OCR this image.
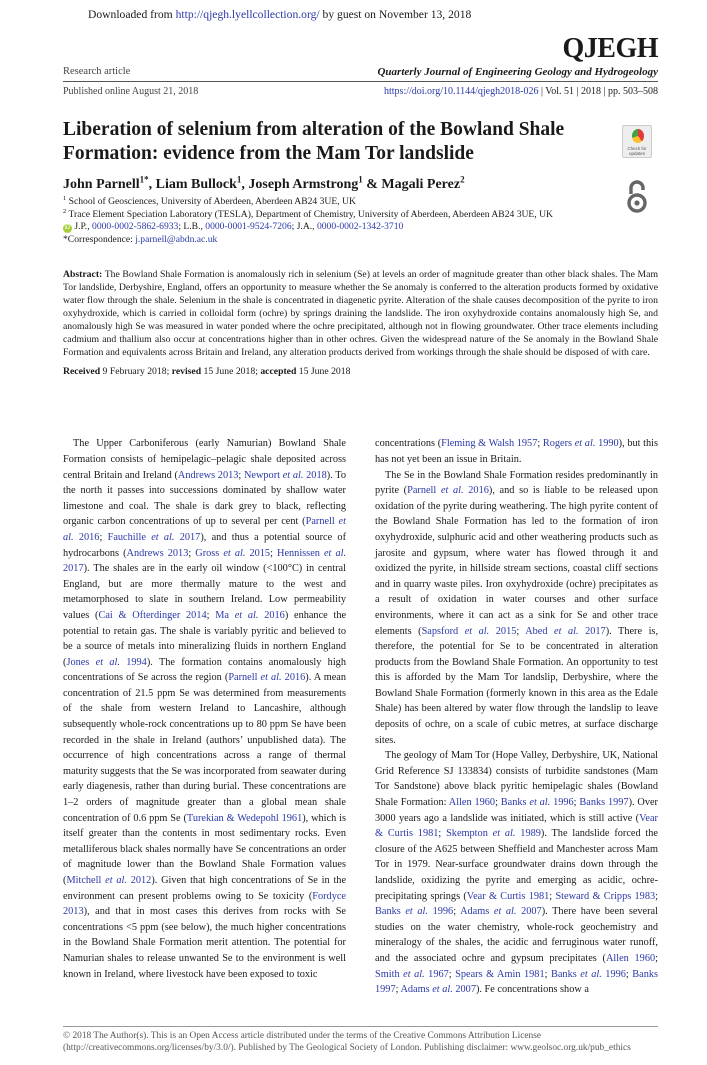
Downloaded from http://qjegh.lyellcollection.org/ by guest on November 13, 2018
QJEGH
Research article	Quarterly Journal of Engineering Geology and Hydrogeology
Published online August 21, 2018	https://doi.org/10.1144/qjegh2018-026 | Vol. 51 | 2018 | pp. 503–508
Check for updates
Liberation of selenium from alteration of the Bowland Shale Formation: evidence from the Mam Tor landslide
John Parnell$^{1*}$, Liam Bullock$^1$, Joseph Armstrong$^1$ & Magali Perez$^2$
$^1$ School of Geosciences, University of Aberdeen, Aberdeen AB24 3UE, UK
$^2$ Trace Element Speciation Laboratory (TESLA), Department of Chemistry, University of Aberdeen, Aberdeen AB24 3UE, UK
iD J.P., 0000-0002-5862-6933; L.B., 0000-0001-9524-7206; J.A., 0000-0002-1342-3710
*Correspondence: j.parnell@abdn.ac.uk
Abstract: The Bowland Shale Formation is anomalously rich in selenium (Se) at levels an order of magnitude greater than other black shales. The Mam Tor landslide, Derbyshire, England, offers an opportunity to measure whether the Se anomaly is conferred to the alteration products formed by oxidative water flow through the shale. Selenium in the shale is concentrated in diagenetic pyrite. Alteration of the shale causes decomposition of the pyrite to iron oxyhydroxide, which is carried in colloidal form (ochre) by springs draining the landslide. The iron oxyhydroxide contains anomalously high Se, and anomalously high Se was measured in water ponded where the ochre precipitated, although not in flowing groundwater. Other trace elements including cadmium and thallium also occur at concentrations higher than in other ochres. Given the widespread nature of the Se anomaly in the Bowland Shale Formation and equivalents across Britain and Ireland, any alteration products derived from workings through the shale should be disposed of with care.
Received 9 February 2018; revised 15 June 2018; accepted 15 June 2018

The Upper Carboniferous (early Namurian) Bowland Shale Formation consists of hemipelagic–pelagic shale deposited across central Britain and Ireland (Andrews 2013; Newport et al. 2018). To the north it passes into successions dominated by shallow water limestone and coal. The shale is dark grey to black, reflecting organic carbon concentrations of up to several per cent (Parnell et al. 2016; Fauchille et al. 2017), and thus a potential source of hydrocarbons (Andrews 2013; Gross et al. 2015; Hennissen et al. 2017). The shales are in the early oil window (<100°C) in central England, but are more thermally mature to the west and metamorphosed to slate in southern Ireland. Low permeability values (Cai & Ofterdinger 2014; Ma et al. 2016) enhance the potential to retain gas. The shale is variably pyritic and believed to be a source of metals into mineralizing fluids in northern England (Jones et al. 1994). The formation contains anomalously high concentrations of Se across the region (Parnell et al. 2016). A mean concentration of 21.5 ppm Se was determined from measurements of the shale from western Ireland to Lancashire, although subsequently whole-rock concentrations up to 80 ppm Se have been recorded in the shale in Ireland (authors’ unpublished data). The occurrence of high concentrations across a range of thermal maturity suggests that the Se was incorporated from seawater during early diagenesis, rather than during burial. These concentrations are 1–2 orders of magnitude greater than a global mean shale concentration of 0.6 ppm Se (Turekian & Wedepohl 1961), which is itself greater than the contents in most sedimentary rocks. Even metalliferous black shales normally have Se concentrations an order of magnitude lower than the Bowland Shale Formation values (Mitchell et al. 2012). Given that high concentrations of Se in the environment can present problems owing to Se toxicity (Fordyce 2013), and that in most cases this derives from rocks with Se concentrations <5 ppm (see below), the much higher concentrations in the Bowland Shale Formation merit attention. The potential for Namurian shales to release unwanted Se to the environment is well known in Ireland, where livestock have been exposed to toxic

concentrations (Fleming & Walsh 1957; Rogers et al. 1990), but this has not yet been an issue in Britain.

The Se in the Bowland Shale Formation resides predominantly in pyrite (Parnell et al. 2016), and so is liable to be released upon oxidation of the pyrite during weathering. The high pyrite content of the Bowland Shale Formation has led to the formation of iron oxyhydroxide, sulphuric acid and other weathering products such as jarosite and gypsum, where water has flowed through it and oxidized the pyrite, in hillside stream sections, coastal cliff sections and in quarry waste piles. Iron oxyhydroxide (ochre) precipitates as a result of oxidation in water courses and other surface environments, where it can act as a sink for Se and other trace elements (Sapsford et al. 2015; Abed et al. 2017). There is, therefore, the potential for Se to be concentrated in alteration products from the Bowland Shale Formation. An opportunity to test this is afforded by the Mam Tor landslip, Derbyshire, where the Bowland Shale Formation (formerly known in this area as the Edale Shale) has been altered by water flow through the landslip to leave deposits of ochre, on a scale of cubic metres, at surface discharge sites.

The geology of Mam Tor (Hope Valley, Derbyshire, UK, National Grid Reference SJ 133834) consists of turbidite sandstones (Mam Tor Sandstone) above black pyritic hemipelagic shales (Bowland Shale Formation: Allen 1960; Banks et al. 1996; Banks 1997). Over 3000 years ago a landslide was initiated, which is still active (Vear & Curtis 1981; Skempton et al. 1989). The landslide forced the closure of the A625 between Sheffield and Manchester across Mam Tor in 1979. Near-surface groundwater drains down through the landslide, oxidizing the pyrite and emerging as acidic, ochre-precipitating springs (Vear & Curtis 1981; Steward & Cripps 1983; Banks et al. 1996; Adams et al. 2007). There have been several studies on the water chemistry, whole-rock geochemistry and mineralogy of the shales, the acidic and ferruginous water runoff, and the associated ochre and gypsum precipitates (Allen 1960; Smith et al. 1967; Spears & Amin 1981; Banks et al. 1996; Banks 1997; Adams et al. 2007). Fe concentrations show a

© 2018 The Author(s). This is an Open Access article distributed under the terms of the Creative Commons Attribution License (http://creativecommons.org/licenses/by/3.0/). Published by The Geological Society of London. Publishing disclaimer: www.geolsoc.org.uk/pub_ethics
